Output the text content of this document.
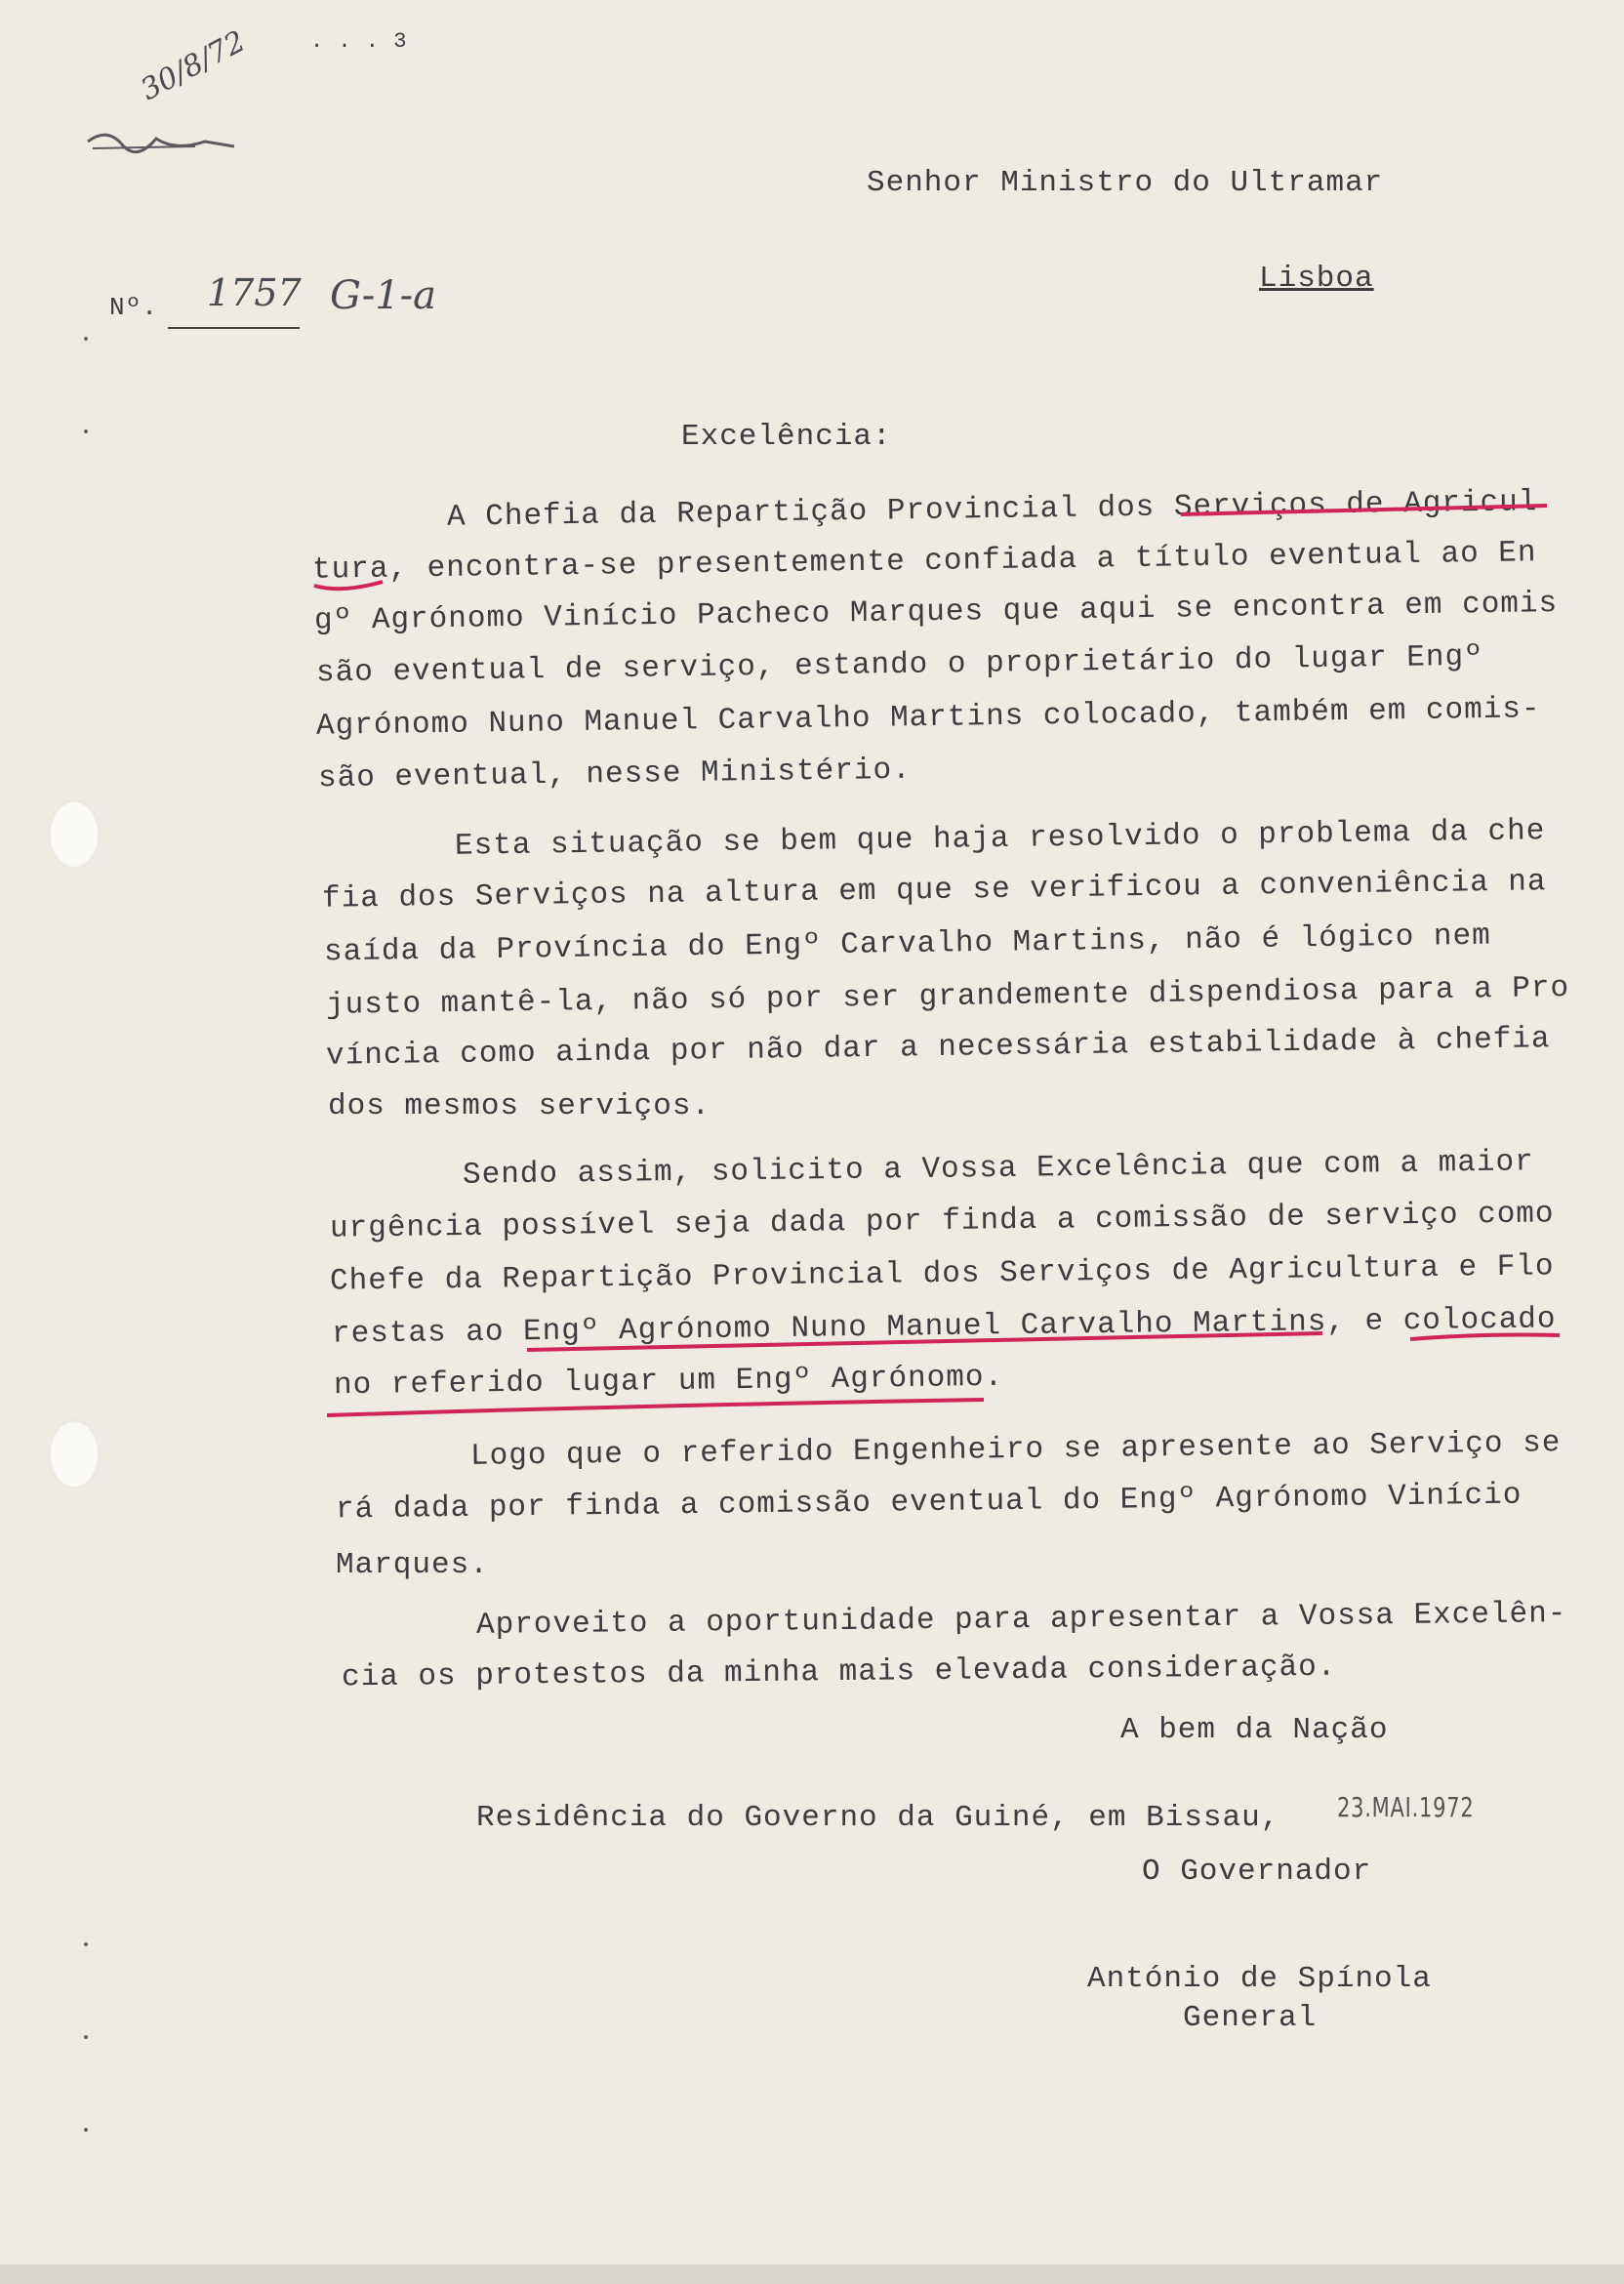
30/8/72	. . . 3
Nº. 1757 G-1-a
Senhor Ministro do Ultramar
Lisboa
Excelência:
A Chefia da Repartição Provincial dos Serviços de Agricul
tura, encontra-se presentemente confiada a título eventual ao En
gº Agrónomo Vinício Pacheco Marques que aqui se encontra em comis
são eventual de serviço, estando o proprietário do lugar Engº
Agrónomo Nuno Manuel Carvalho Martins colocado, também em comis-
são eventual, nesse Ministério.
Esta situação se bem que haja resolvido o problema da che
fia dos Serviços na altura em que se verificou a conveniência na
saída da Província do Engº Carvalho Martins, não é lógico nem
justo mantê-la, não só por ser grandemente dispendiosa para a Pro
víncia como ainda por não dar a necessária estabilidade à chefia
dos mesmos serviços.
Sendo assim, solicito a Vossa Excelência que com a maior
urgência possível seja dada por finda a comissão de serviço como
Chefe da Repartição Provincial dos Serviços de Agricultura e Flo
restas ao Engº Agrónomo Nuno Manuel Carvalho Martins, e colocado
no referido lugar um Engº Agrónomo.
Logo que o referido Engenheiro se apresente ao Serviço se
rá dada por finda a comissão eventual do Engº Agrónomo Vinício
Marques.
Aproveito a oportunidade para apresentar a Vossa Excelên-
cia os protestos da minha mais elevada consideração.
A bem da Nação
Residência do Governo da Guiné, em Bissau, 23.MAI.1972
O Governador
António de Spínola
General
